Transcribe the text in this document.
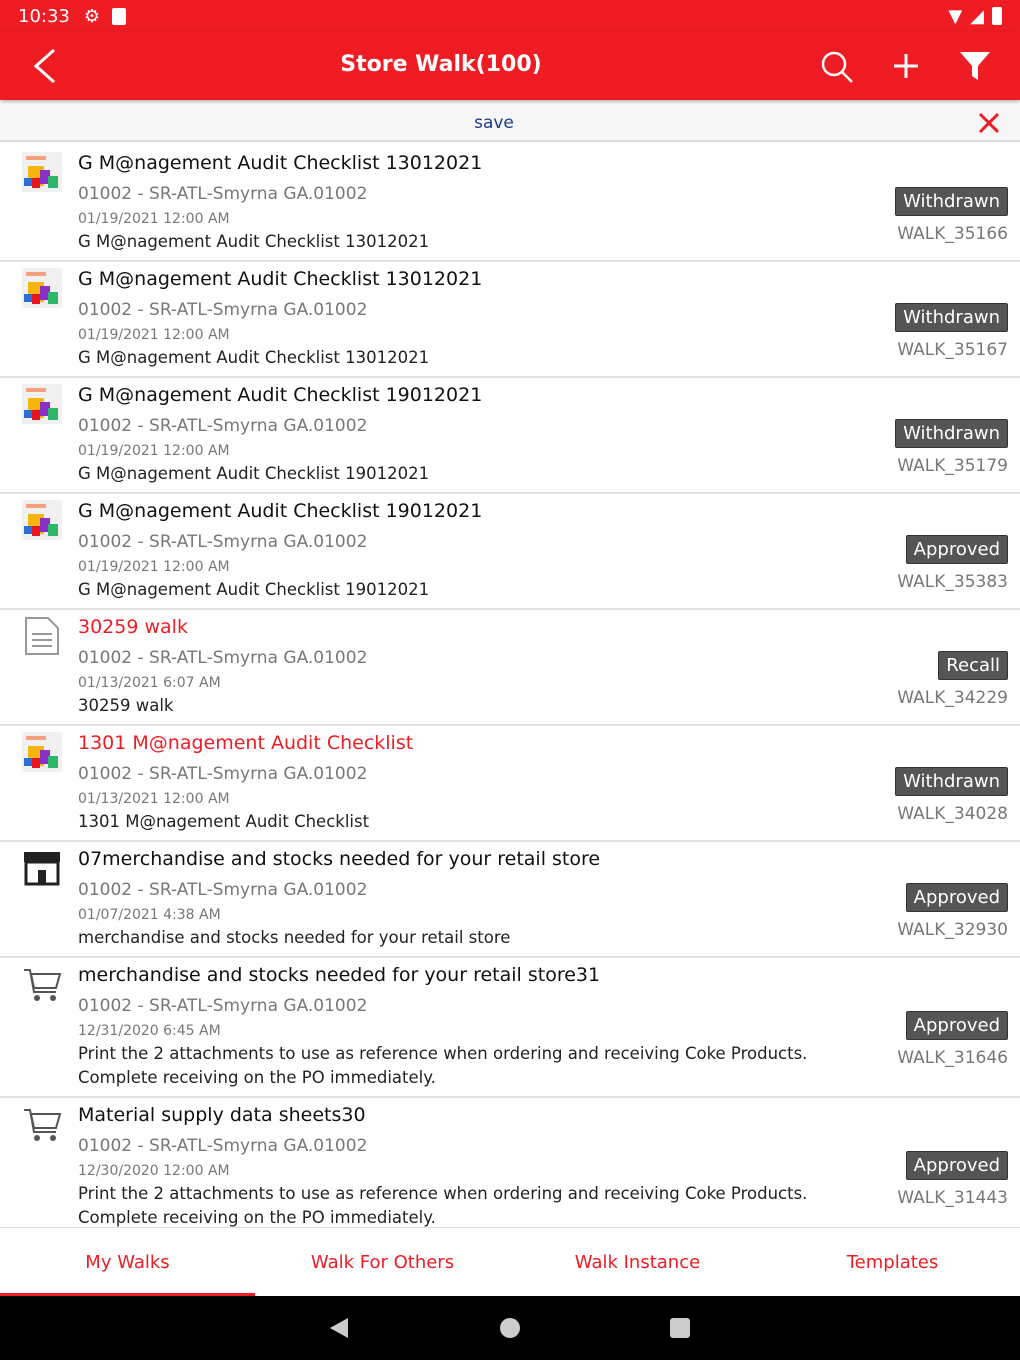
10:33 ⚙	▼ ◢
Store Walk(100)
save
G M@nagement Audit Checklist 13012021
01002 - SR-ATL-Smyrna GA.01002
01/19/2021 12:00 AM
G M@nagement Audit Checklist 13012021
Withdrawn
WALK_35166
G M@nagement Audit Checklist 13012021
01002 - SR-ATL-Smyrna GA.01002
01/19/2021 12:00 AM
G M@nagement Audit Checklist 13012021
Withdrawn
WALK_35167
G M@nagement Audit Checklist 19012021
01002 - SR-ATL-Smyrna GA.01002
01/19/2021 12:00 AM
G M@nagement Audit Checklist 19012021
Withdrawn
WALK_35179
G M@nagement Audit Checklist 19012021
01002 - SR-ATL-Smyrna GA.01002
01/19/2021 12:00 AM
G M@nagement Audit Checklist 19012021
Approved
WALK_35383
30259 walk
01002 - SR-ATL-Smyrna GA.01002
01/13/2021 6:07 AM
30259 walk
Recall
WALK_34229
1301 M@nagement Audit Checklist
01002 - SR-ATL-Smyrna GA.01002
01/13/2021 12:00 AM
1301 M@nagement Audit Checklist
Withdrawn
WALK_34028
07merchandise and stocks needed for your retail store
01002 - SR-ATL-Smyrna GA.01002
01/07/2021 4:38 AM
merchandise and stocks needed for your retail store
Approved
WALK_32930
merchandise and stocks needed for your retail store31
01002 - SR-ATL-Smyrna GA.01002
12/31/2020 6:45 AM
Print the 2 attachments to use as reference when ordering and receiving Coke Products. Complete receiving on the PO immediately.
Approved
WALK_31646
Material supply data sheets30
01002 - SR-ATL-Smyrna GA.01002
12/30/2020 12:00 AM
Print the 2 attachments to use as reference when ordering and receiving Coke Products. Complete receiving on the PO immediately.
Approved
WALK_31443
My Walks	Walk For Others	Walk Instance	Templates
